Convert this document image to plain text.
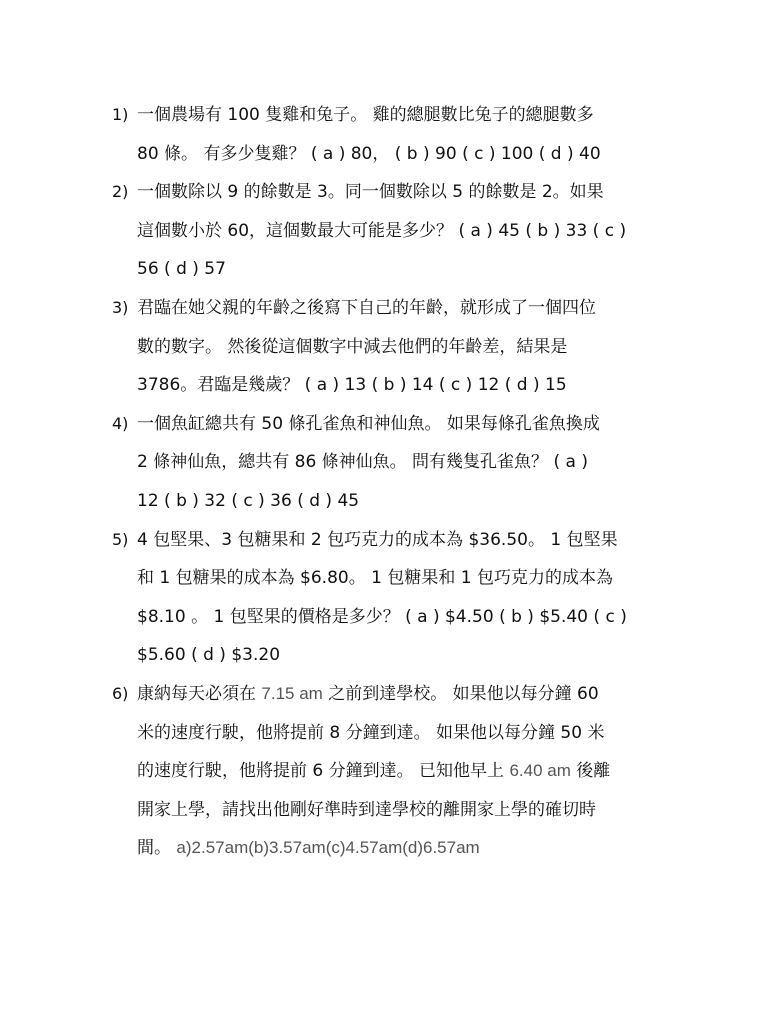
1) 一個農場有 100 隻雞和兔子。 雞的總腿數比兔子的總腿數多
80 條。 有多少隻雞？ ( a ) 80， ( b ) 90 ( c ) 100 ( d ) 40
2) 一個數除以 9 的餘數是 3。同一個數除以 5 的餘數是 2。如果
這個數小於 60，這個數最大可能是多少？ ( a ) 45 ( b ) 33 ( c )
56 ( d ) 57
3) 君臨在她父親的年齡之後寫下自己的年齡，就形成了一個四位
數的數字。 然後從這個數字中減去他們的年齡差，結果是
3786。君臨是幾歲？ ( a ) 13 ( b ) 14 ( c ) 12 ( d ) 15
4) 一個魚缸總共有 50 條孔雀魚和神仙魚。 如果每條孔雀魚換成
2 條神仙魚，總共有 86 條神仙魚。 問有幾隻孔雀魚？ ( a )
12 ( b ) 32 ( c ) 36 ( d ) 45
5) 4 包堅果、3 包糖果和 2 包巧克力的成本為 $36.50。 1 包堅果
和 1 包糖果的成本為 $6.80。 1 包糖果和 1 包巧克力的成本為
$8.10 。 1 包堅果的價格是多少？ ( a ) $4.50 ( b ) $5.40 ( c )
$5.60 ( d ) $3.20
6) 康納每天必須在 7.15 am 之前到達學校。 如果他以每分鐘 60
米的速度行駛，他將提前 8 分鐘到達。 如果他以每分鐘 50 米
的速度行駛，他將提前 6 分鐘到達。 已知他早上 6.40 am 後離
開家上學，請找出他剛好準時到達學校的離開家上學的確切時
間。 a)2.57am(b)3.57am(c)4.57am(d)6.57am
